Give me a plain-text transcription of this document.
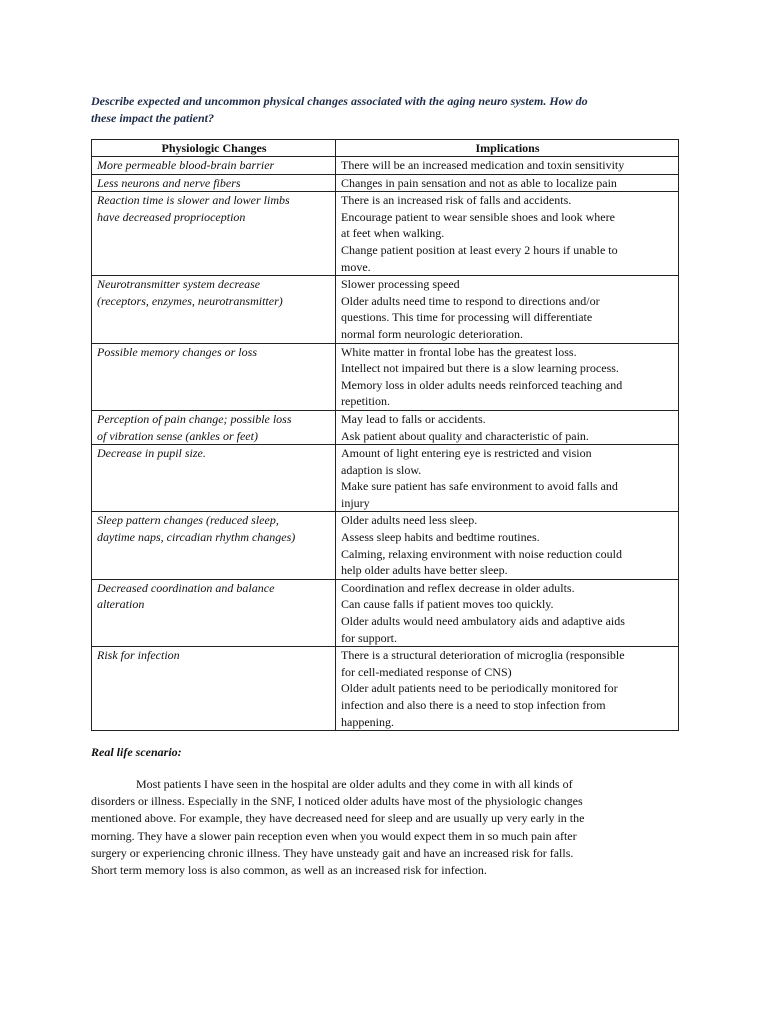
Describe expected and uncommon physical changes associated with the aging neuro system. How do
these impact the patient?
Physiologic Changes	Implications

More permeable blood-brain barrier	There will be an increased medication and toxin sensitivity

Less neurons and nerve fibers	Changes in pain sensation and not as able to localize pain

Reaction time is slower and lower limbs
have decreased proprioception	There is an increased risk of falls and accidents.
Encourage patient to wear sensible shoes and look where
at feet when walking.
Change patient position at least every 2 hours if unable to
move.

Neurotransmitter system decrease
(receptors, enzymes, neurotransmitter)	Slower processing speed
Older adults need time to respond to directions and/or
questions. This time for processing will differentiate
normal form neurologic deterioration.

Possible memory changes or loss	White matter in frontal lobe has the greatest loss.
Intellect not impaired but there is a slow learning process.
Memory loss in older adults needs reinforced teaching and
repetition.

Perception of pain change; possible loss
of vibration sense (ankles or feet)	May lead to falls or accidents.
Ask patient about quality and characteristic of pain.

Decrease in pupil size.	Amount of light entering eye is restricted and vision
adaption is slow.
Make sure patient has safe environment to avoid falls and
injury

Sleep pattern changes (reduced sleep,
daytime naps, circadian rhythm changes)	Older adults need less sleep.
Assess sleep habits and bedtime routines.
Calming, relaxing environment with noise reduction could
help older adults have better sleep.

Decreased coordination and balance
alteration	Coordination and reflex decrease in older adults.
Can cause falls if patient moves too quickly.
Older adults would need ambulatory aids and adaptive aids
for support.

Risk for infection	There is a structural deterioration of microglia (responsible
for cell-mediated response of CNS)
Older adult patients need to be periodically monitored for
infection and also there is a need to stop infection from
happening.
Real life scenario:
Most patients I have seen in the hospital are older adults and they come in with all kinds of
disorders or illness. Especially in the SNF, I noticed older adults have most of the physiologic changes
mentioned above. For example, they have decreased need for sleep and are usually up very early in the
morning. They have a slower pain reception even when you would expect them in so much pain after
surgery or experiencing chronic illness. They have unsteady gait and have an increased risk for falls.
Short term memory loss is also common, as well as an increased risk for infection.
